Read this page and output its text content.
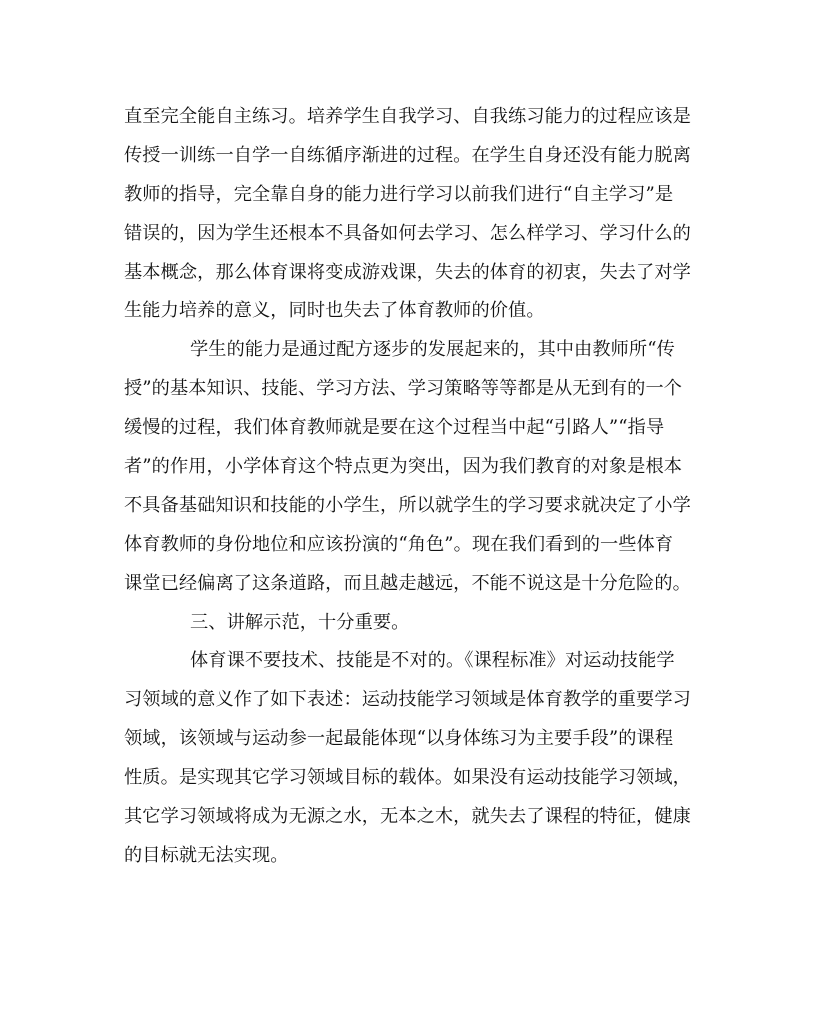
直至完全能自主练习。培养学生自我学习、自我练习能力的过程应该是
传授一训练一自学一自练循序渐进的过程。在学生自身还没有能力脱离
教师的指导，完全靠自身的能力进行学习以前我们进行“自主学习”是
错误的，因为学生还根本不具备如何去学习、怎么样学习、学习什么的
基本概念，那么体育课将变成游戏课，失去的体育的初衷，失去了对学
生能力培养的意义，同时也失去了体育教师的价值。
学生的能力是通过配方逐步的发展起来的，其中由教师所“传
授”的基本知识、技能、学习方法、学习策略等等都是从无到有的一个
缓慢的过程，我们体育教师就是要在这个过程当中起“引路人”“指导
者”的作用，小学体育这个特点更为突出，因为我们教育的对象是根本
不具备基础知识和技能的小学生，所以就学生的学习要求就决定了小学
体育教师的身份地位和应该扮演的“角色”。现在我们看到的一些体育
课堂已经偏离了这条道路，而且越走越远，不能不说这是十分危险的。
三、讲解示范，十分重要。
体育课不要技术、技能是不对的。《课程标准》对运动技能学
习领域的意义作了如下表述：运动技能学习领域是体育教学的重要学习
领域，该领域与运动参一起最能体现“以身体练习为主要手段”的课程
性质。是实现其它学习领域目标的载体。如果没有运动技能学习领域，
其它学习领域将成为无源之水，无本之木，就失去了课程的特征，健康
的目标就无法实现。
